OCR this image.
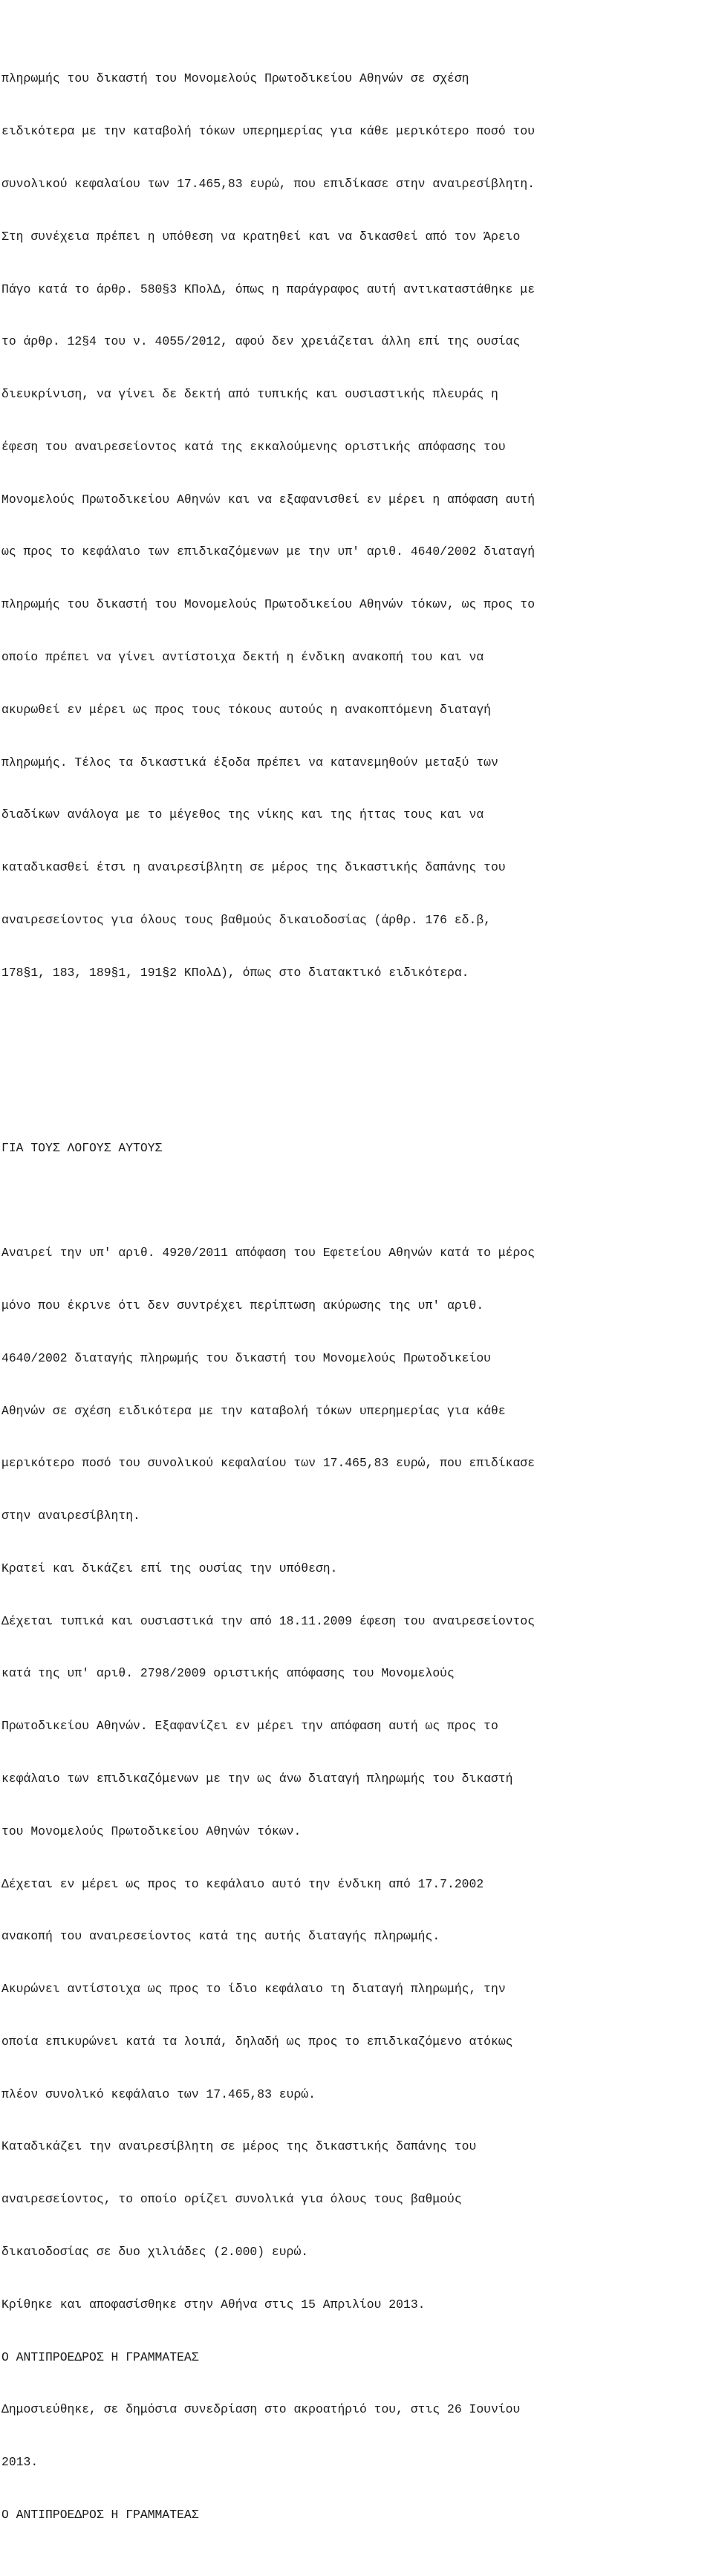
πληρωμής του δικαστή του Μονομελούς Πρωτοδικείου Αθηνών σε σχέση

ειδικότερα με την καταβολή τόκων υπερημερίας για κάθε μερικότερο ποσό του

συνολικού κεφαλαίου των 17.465,83 ευρώ, που επιδίκασε στην αναιρεσίβλητη.

Στη συνέχεια πρέπει η υπόθεση να κρατηθεί και να δικασθεί από τον Άρειο

Πάγο κατά το άρθρ. 580§3 ΚΠολΔ, όπως η παράγραφος αυτή αντικαταστάθηκε με

το άρθρ. 12§4 του ν. 4055/2012, αφού δεν χρειάζεται άλλη επί της ουσίας

διευκρίνιση, να γίνει δε δεκτή από τυπικής και ουσιαστικής πλευράς η

έφεση του αναιρεσείοντος κατά της εκκαλούμενης οριστικής απόφασης του

Μονομελούς Πρωτοδικείου Αθηνών και να εξαφανισθεί εν μέρει η απόφαση αυτή

ως προς το κεφάλαιο των επιδικαζόμενων με την υπ' αριθ. 4640/2002 διαταγή

πληρωμής του δικαστή του Μονομελούς Πρωτοδικείου Αθηνών τόκων, ως προς το

οποίο πρέπει να γίνει αντίστοιχα δεκτή η ένδικη ανακοπή του και να

ακυρωθεί εν μέρει ως προς τους τόκους αυτούς η ανακοπτόμενη διαταγή

πληρωμής. Τέλος τα δικαστικά έξοδα πρέπει να κατανεμηθούν μεταξύ των

διαδίκων ανάλογα με το μέγεθος της νίκης και της ήττας τους και να

καταδικασθεί έτσι η αναιρεσίβλητη σε μέρος της δικαστικής δαπάνης του

αναιρεσείοντος για όλους τους βαθμούς δικαιοδοσίας (άρθρ. 176 εδ.β,

178§1, 183, 189§1, 191§2 ΚΠολΔ), όπως στο διατακτικό ειδικότερα.

ΓΙΑ ΤΟΥΣ ΛΟΓΟΥΣ ΑΥΤΟΥΣ

Αναιρεί την υπ' αριθ. 4920/2011 απόφαση του Εφετείου Αθηνών κατά το μέρος

μόνο που έκρινε ότι δεν συντρέχει περίπτωση ακύρωσης της υπ' αριθ.

4640/2002 διαταγής πληρωμής του δικαστή του Μονομελούς Πρωτοδικείου

Αθηνών σε σχέση ειδικότερα με την καταβολή τόκων υπερημερίας για κάθε

μερικότερο ποσό του συνολικού κεφαλαίου των 17.465,83 ευρώ, που επιδίκασε

στην αναιρεσίβλητη.

Κρατεί και δικάζει επί της ουσίας την υπόθεση.

Δέχεται τυπικά και ουσιαστικά την από 18.11.2009 έφεση του αναιρεσείοντος

κατά της υπ' αριθ. 2798/2009 οριστικής απόφασης του Μονομελούς

Πρωτοδικείου Αθηνών. Εξαφανίζει εν μέρει την απόφαση αυτή ως προς το

κεφάλαιο των επιδικαζόμενων με την ως άνω διαταγή πληρωμής του δικαστή

του Μονομελούς Πρωτοδικείου Αθηνών τόκων.

Δέχεται εν μέρει ως προς το κεφάλαιο αυτό την ένδικη από 17.7.2002

ανακοπή του αναιρεσείοντος κατά της αυτής διαταγής πληρωμής.

Ακυρώνει αντίστοιχα ως προς το ίδιο κεφάλαιο τη διαταγή πληρωμής, την

οποία επικυρώνει κατά τα λοιπά, δηλαδή ως προς το επιδικαζόμενο ατόκως

πλέον συνολικό κεφάλαιο των 17.465,83 ευρώ.

Καταδικάζει την αναιρεσίβλητη σε μέρος της δικαστικής δαπάνης του

αναιρεσείοντος, το οποίο ορίζει συνολικά για όλους τους βαθμούς

δικαιοδοσίας σε δυο χιλιάδες (2.000) ευρώ.

Κρίθηκε και αποφασίσθηκε στην Αθήνα στις 15 Απριλίου 2013.

Ο ΑΝΤΙΠΡΟΕΔΡΟΣ Η ΓΡΑΜΜΑΤΕΑΣ

Δημοσιεύθηκε, σε δημόσια συνεδρίαση στο ακροατήριό του, στις 26 Ιουνίου

2013.

Ο ΑΝΤΙΠΡΟΕΔΡΟΣ Η ΓΡΑΜΜΑΤΕΑΣ
